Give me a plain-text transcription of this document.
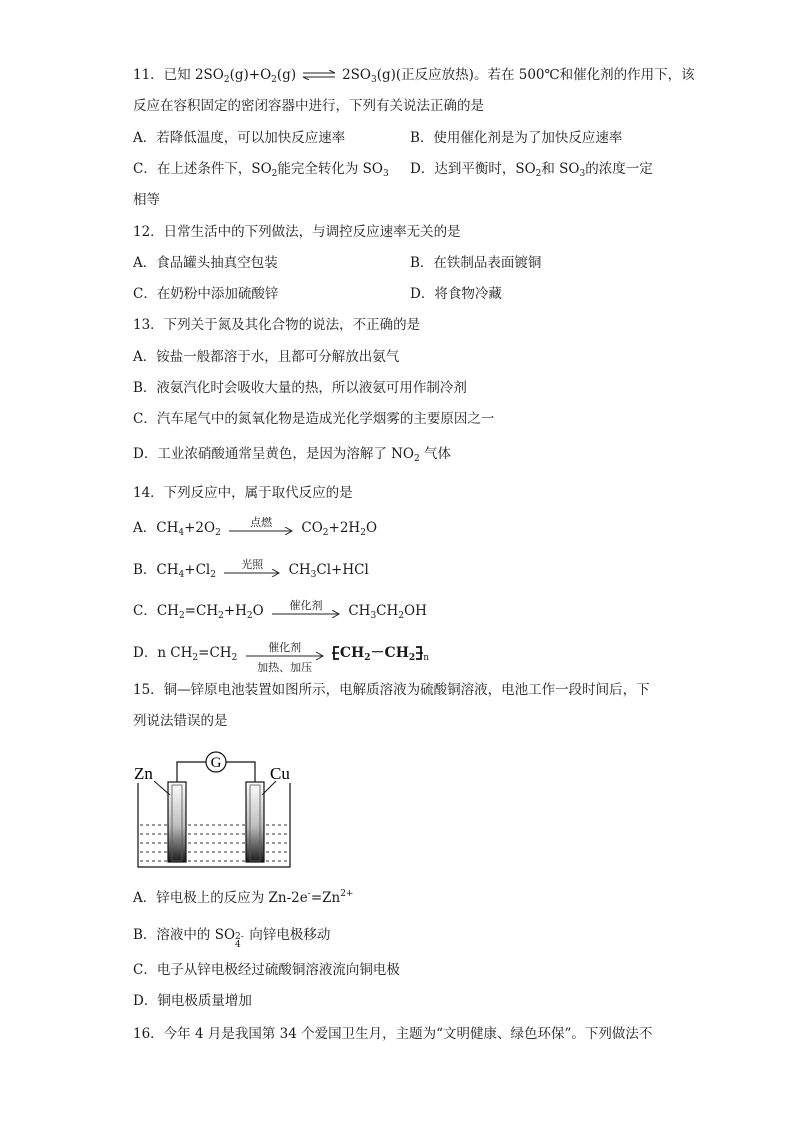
11．已知 $2SO_2(g)+O_2(g)$ ⇌ $2SO_3(g)$(正反应放热)。若在 500℃和催化剂的作用下，该
反应在容积固定的密闭容器中进行，下列有关说法正确的是
A．若降低温度，可以加快反应速率	B．使用催化剂是为了加快反应速率
C．在上述条件下，$SO_2$能完全转化为 $SO_3$ D．达到平衡时，$SO_2$和 $SO_3$的浓度一定
相等
12．日常生活中的下列做法，与调控反应速率无关的是
A．食品罐头抽真空包装	B．在铁制品表面镀铜
C．在奶粉中添加硫酸锌	D．将食物冷藏
13．下列关于氮及其化合物的说法，不正确的是
A．铵盐一般都溶于水，且都可分解放出氨气
B．液氨汽化时会吸收大量的热，所以液氨可用作制冷剂
C．汽车尾气中的氮氧化物是造成光化学烟雾的主要原因之一
D．工业浓硝酸通常呈黄色，是因为溶解了 $NO_2$ 气体
14．下列反应中，属于取代反应的是
A．$CH_4+2O_2$
点燃	$CO_2+2H_2O$
B．$CH_4+Cl_2$
光照	$CH_3Cl+HCl$
C．$CH_2=CH_2+H_2O$	催化剂	$CH_3CH_2OH$
D．n $CH_2=CH_2$
催化剂
加热、加压
$CH_2-CH_2$ $_n$
15．铜—锌原电池装置如图所示，电解质溶液为硫酸铜溶液，电池工作一段时间后，下
列说法错误的是
G
Zn	Cu
A．锌电极上的反应为 $Zn-2e^-=Zn^{2+}$
B．溶液中的 SO 2-
4
向锌电极移动
C．电子从锌电极经过硫酸铜溶液流向铜电极
D．铜电极质量增加
16．今年 4 月是我国第 34 个爱国卫生月，主题为“文明健康、绿色环保”。下列做法不
